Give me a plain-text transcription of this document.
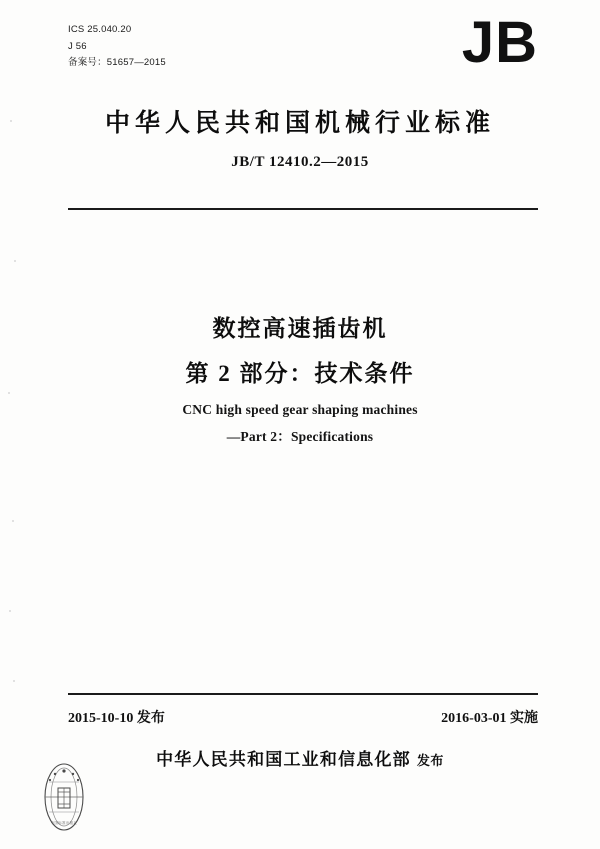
ICS 25.040.20
J 56
备案号：51657—2015	JB
中华人民共和国机械行业标准
JB/T 12410.2—2015
数控高速插齿机
第 2 部分：技术条件
CNC high speed gear shaping machines
—Part 2：Specifications
2015-10-10 发布	2016-03-01 实施
中华人民共和国工业和信息化部 发布
中国标准出版社
